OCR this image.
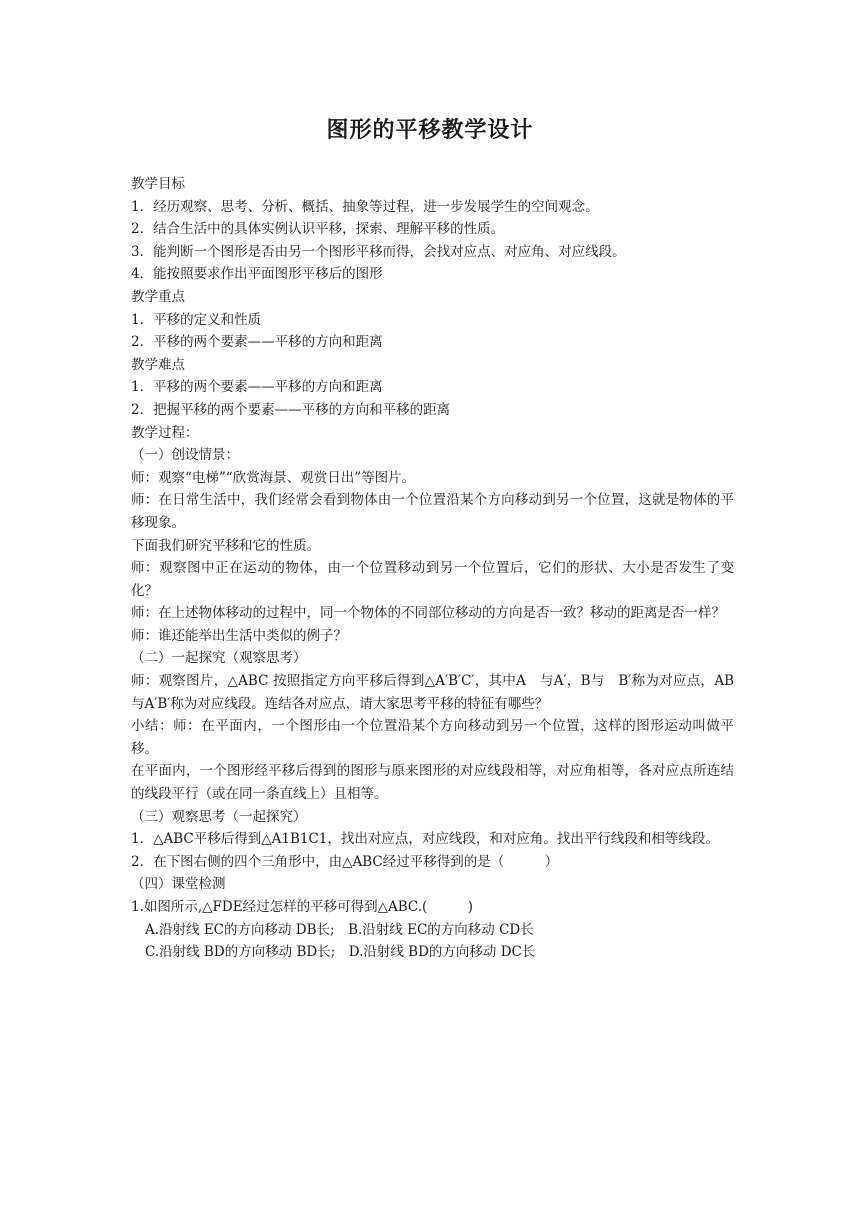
图形的平移教学设计
教学目标
1．经历观察、思考、分析、概括、抽象等过程，进一步发展学生的空间观念。
2．结合生活中的具体实例认识平移，探索、理解平移的性质。
3．能判断一个图形是否由另一个图形平移而得，会找对应点、对应角、对应线段。
4．能按照要求作出平面图形平移后的图形
教学重点
1．平移的定义和性质
2．平移的两个要素——平移的方向和距离
教学难点
1．平移的两个要素——平移的方向和距离
2．把握平移的两个要素——平移的方向和平移的距离
教学过程：
（一）创设情景：
师：观察“电梯”“欣赏海景、观赏日出”等图片。
师：在日常生活中，我们经常会看到物体由一个位置沿某个方向移动到另一个位置，这就是物体的平移现象。
下面我们研究平移和它的性质。
师：观察图中正在运动的物体，由一个位置移动到另一个位置后，它们的形状、大小是否发生了变化？
师：在上述物体移动的过程中，同一个物体的不同部位移动的方向是否一致？移动的距离是否一样？
师：谁还能举出生活中类似的例子？
（二）一起探究（观察思考）
师：观察图片，△ABC 按照指定方向平移后得到△A′B′C′，其中A　与A′，B与　B′称为对应点，AB与A′B′称为对应线段。连结各对应点，请大家思考平移的特征有哪些？
小结：师：在平面内，一个图形由一个位置沿某个方向移动到另一个位置，这样的图形运动叫做平移。
在平面内，一个图形经平移后得到的图形与原来图形的对应线段相等，对应角相等，各对应点所连结的线段平行（或在同一条直线上）且相等。
（三）观察思考（一起探究）
1．△ABC平移后得到△A1B1C1，找出对应点，对应线段，和对应角。找出平行线段和相等线段。
2．在下图右侧的四个三角形中，由△ABC经过平移得到的是（　　　）
（四）课堂检测
1.如图所示,△FDE经过怎样的平移可得到△ABC.(　　　)
A.沿射线 EC的方向移动 DB长;　B.沿射线 EC的方向移动 CD长
C.沿射线 BD的方向移动 BD长;　D.沿射线 BD的方向移动 DC长
